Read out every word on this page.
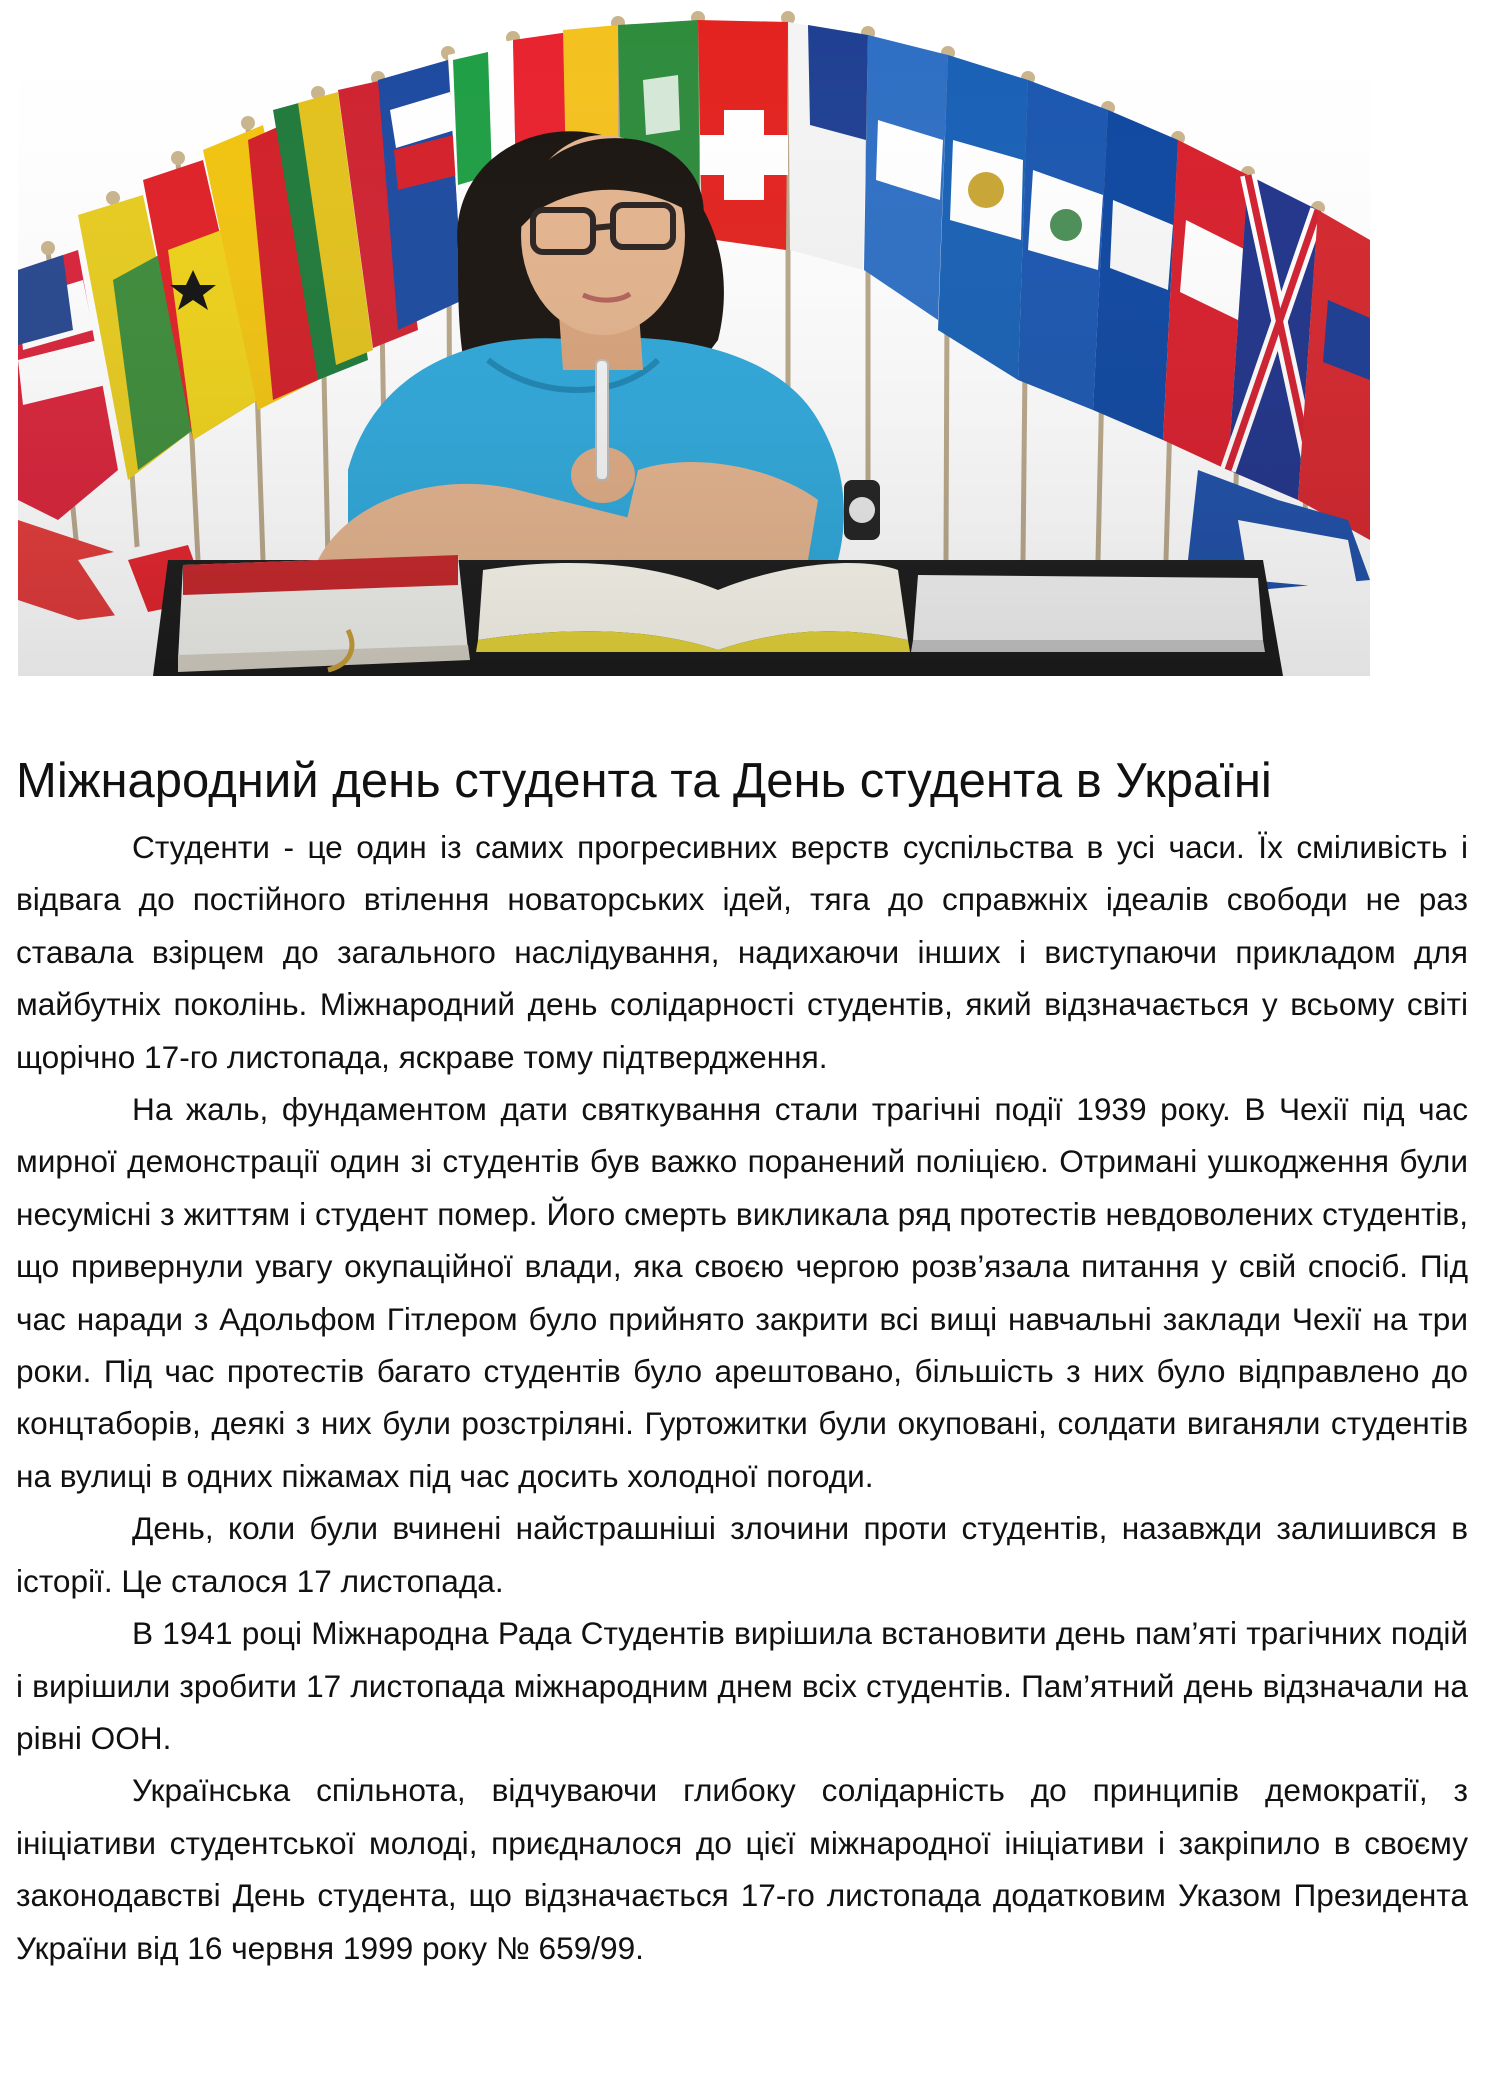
Міжнародний день студента та День студента в Україні

Студенти - це один із самих прогресивних верств суспільства в усі часи. Їх сміливість і відвага до постійного втілення новаторських ідей, тяга до справжніх ідеалів свободи не раз ставала взірцем до загального наслідування, надихаючи інших і виступаючи прикладом для майбутніх поколінь. Міжнародний день солідарності студентів, який відзначається у всьому світі щорічно 17-го листопада, яскраве тому підтвердження.

На жаль, фундаментом дати святкування стали трагічні події 1939 року. В Чехії під час мирної демонстрації один зі студентів був важко поранений поліцією. Отримані ушкодження були несумісні з життям і студент помер. Його смерть викликала ряд протестів невдоволених студентів, що привернули увагу окупаційної влади, яка своєю чергою розв’язала питання у свій спосіб. Під час наради з Адольфом Гітлером було прийнято закрити всі вищі навчальні заклади Чехії на три роки. Під час протестів багато студентів було арештовано, більшість з них було відправлено до концтаборів, деякі з них були розстріляні. Гуртожитки були окуповані, солдати виганяли студентів на вулиці в одних піжамах під час досить холодної погоди.

День, коли були вчинені найстрашніші злочини проти студентів, назавжди залишився в історії. Це сталося 17 листопада.

В 1941 році Міжнародна Рада Студентів вирішила встановити день пам’яті трагічних подій і вирішили зробити 17 листопада міжнародним днем всіх студентів. Пам’ятний день відзначали на рівні ООН.

Українська спільнота, відчуваючи глибоку солідарність до принципів демократії, з ініціативи студентської молоді, приєдналося до цієї міжнародної ініціативи і закріпило в своєму законодавстві День студента, що відзначається 17-го листопада додатковим Указом Президента України від 16 червня 1999 року № 659/99.
